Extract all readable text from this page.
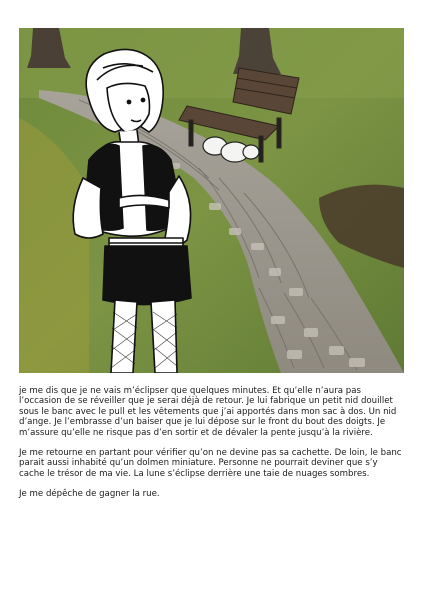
je me dis que je ne vais m’éclipser que quelques minutes. Et qu’elle n’aura pas l’occasion de se réveiller que je serai déjà de retour. Je lui fabrique un petit nid douillet sous le banc avec le pull et les vêtements que j’ai apportés dans mon sac à dos. Un nid d’ange. Je l’embrasse d’un baiser que je lui dépose sur le front du bout des doigts. Je m’assure qu’elle ne risque pas d’en sortir et de dévaler la pente jusqu’à la rivière.

Je me retourne en partant pour vérifier qu’on ne devine pas sa cachette. De loin, le banc parait aussi inhabité qu’un dolmen miniature. Personne ne pourrait deviner que s’y cache le trésor de ma vie. La lune s’éclipse derrière une taie de nuages sombres.

Je me dépêche de gagner la rue.
